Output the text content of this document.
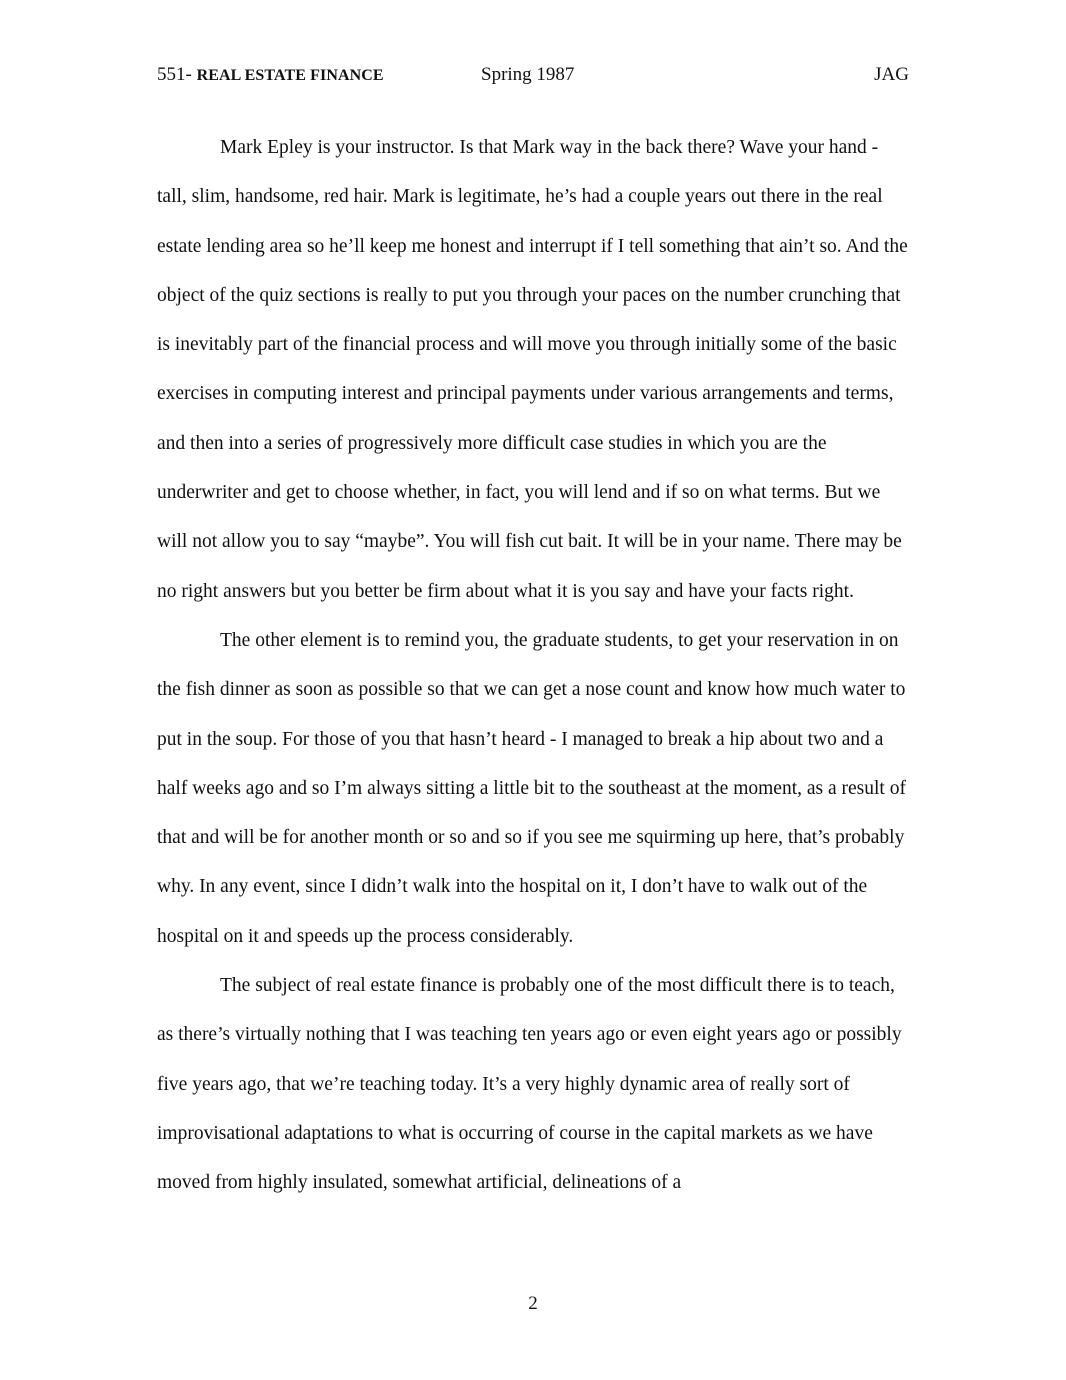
551- REAL ESTATE FINANCE	Spring 1987	JAG

Mark Epley is your instructor. Is that Mark way in the back there? Wave your hand - tall, slim, handsome, red hair. Mark is legitimate, he’s had a couple years out there in the real estate lending area so he’ll keep me honest and interrupt if I tell something that ain’t so. And the object of the quiz sections is really to put you through your paces on the number crunching that is inevitably part of the financial process and will move you through initially some of the basic exercises in computing interest and principal payments under various arrangements and terms, and then into a series of progressively more difficult case studies in which you are the underwriter and get to choose whether, in fact, you will lend and if so on what terms. But we will not allow you to say “maybe”. You will fish cut bait. It will be in your name. There may be no right answers but you better be firm about what it is you say and have your facts right.

The other element is to remind you, the graduate students, to get your reservation in on the fish dinner as soon as possible so that we can get a nose count and know how much water to put in the soup. For those of you that hasn’t heard - I managed to break a hip about two and a half weeks ago and so I’m always sitting a little bit to the southeast at the moment, as a result of that and will be for another month or so and so if you see me squirming up here, that’s probably why. In any event, since I didn’t walk into the hospital on it, I don’t have to walk out of the hospital on it and speeds up the process considerably.

The subject of real estate finance is probably one of the most difficult there is to teach, as there’s virtually nothing that I was teaching ten years ago or even eight years ago or possibly five years ago, that we’re teaching today. It’s a very highly dynamic area of really sort of improvisational adaptations to what is occurring of course in the capital markets as we have moved from highly insulated, somewhat artificial, delineations of a

2
